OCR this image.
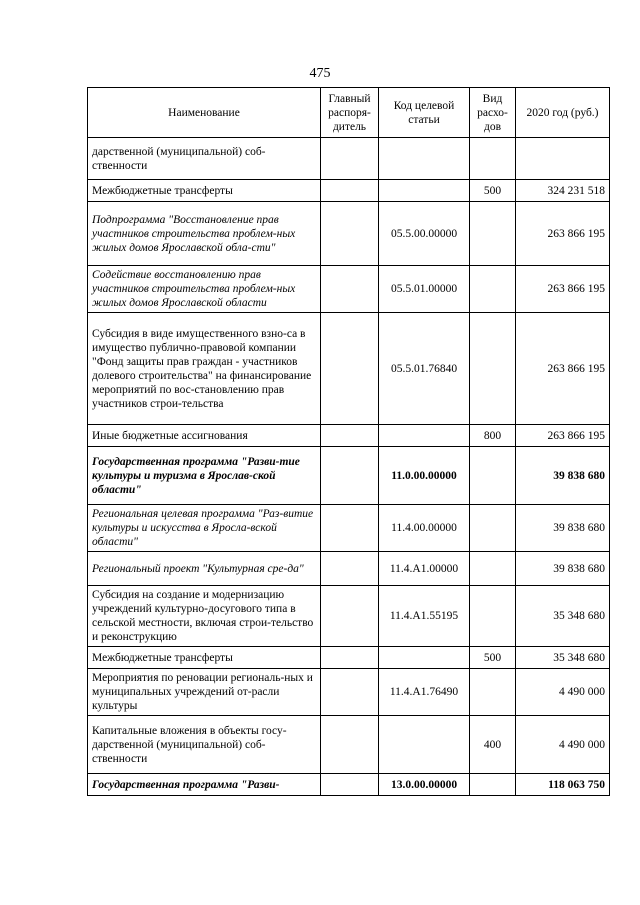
475
Наименование	Главный распоря-дитель	Код целевой статьи	Вид расхо-дов	2020 год (руб.)
дарственной (муниципальной) соб-ственности				
Межбюджетные трансферты			500	324 231 518
Подпрограмма "Восстановление прав участников строительства проблем-ных жилых домов Ярославской обла-сти"		05.5.00.00000		263 866 195
Содействие восстановлению прав участников строительства проблем-ных жилых домов Ярославской области		05.5.01.00000		263 866 195
Субсидия в виде имущественного взно-са в имущество публично-правовой компании "Фонд защиты прав граждан - участников долевого строительства" на финансирование мероприятий по вос-становлению прав участников строи-тельства		05.5.01.76840		263 866 195
Иные бюджетные ассигнования			800	263 866 195
Государственная программа "Разви-тие культуры и туризма в Ярослав-ской области"		11.0.00.00000		39 838 680
Региональная целевая программа "Раз-витие культуры и искусства в Яросла-вской области"		11.4.00.00000		39 838 680
Региональный проект "Культурная сре-да"		11.4.A1.00000		39 838 680
Субсидия на создание и модернизацию учреждений культурно-досугового типа в сельской местности, включая строи-тельство и реконструкцию		11.4.A1.55195		35 348 680
Межбюджетные трансферты			500	35 348 680
Мероприятия по реновации региональ-ных и муниципальных учреждений от-расли культуры		11.4.A1.76490		4 490 000
Капитальные вложения в объекты госу-дарственной (муниципальной) соб-ственности			400	4 490 000
Государственная программа "Разви-		13.0.00.00000		118 063 750
